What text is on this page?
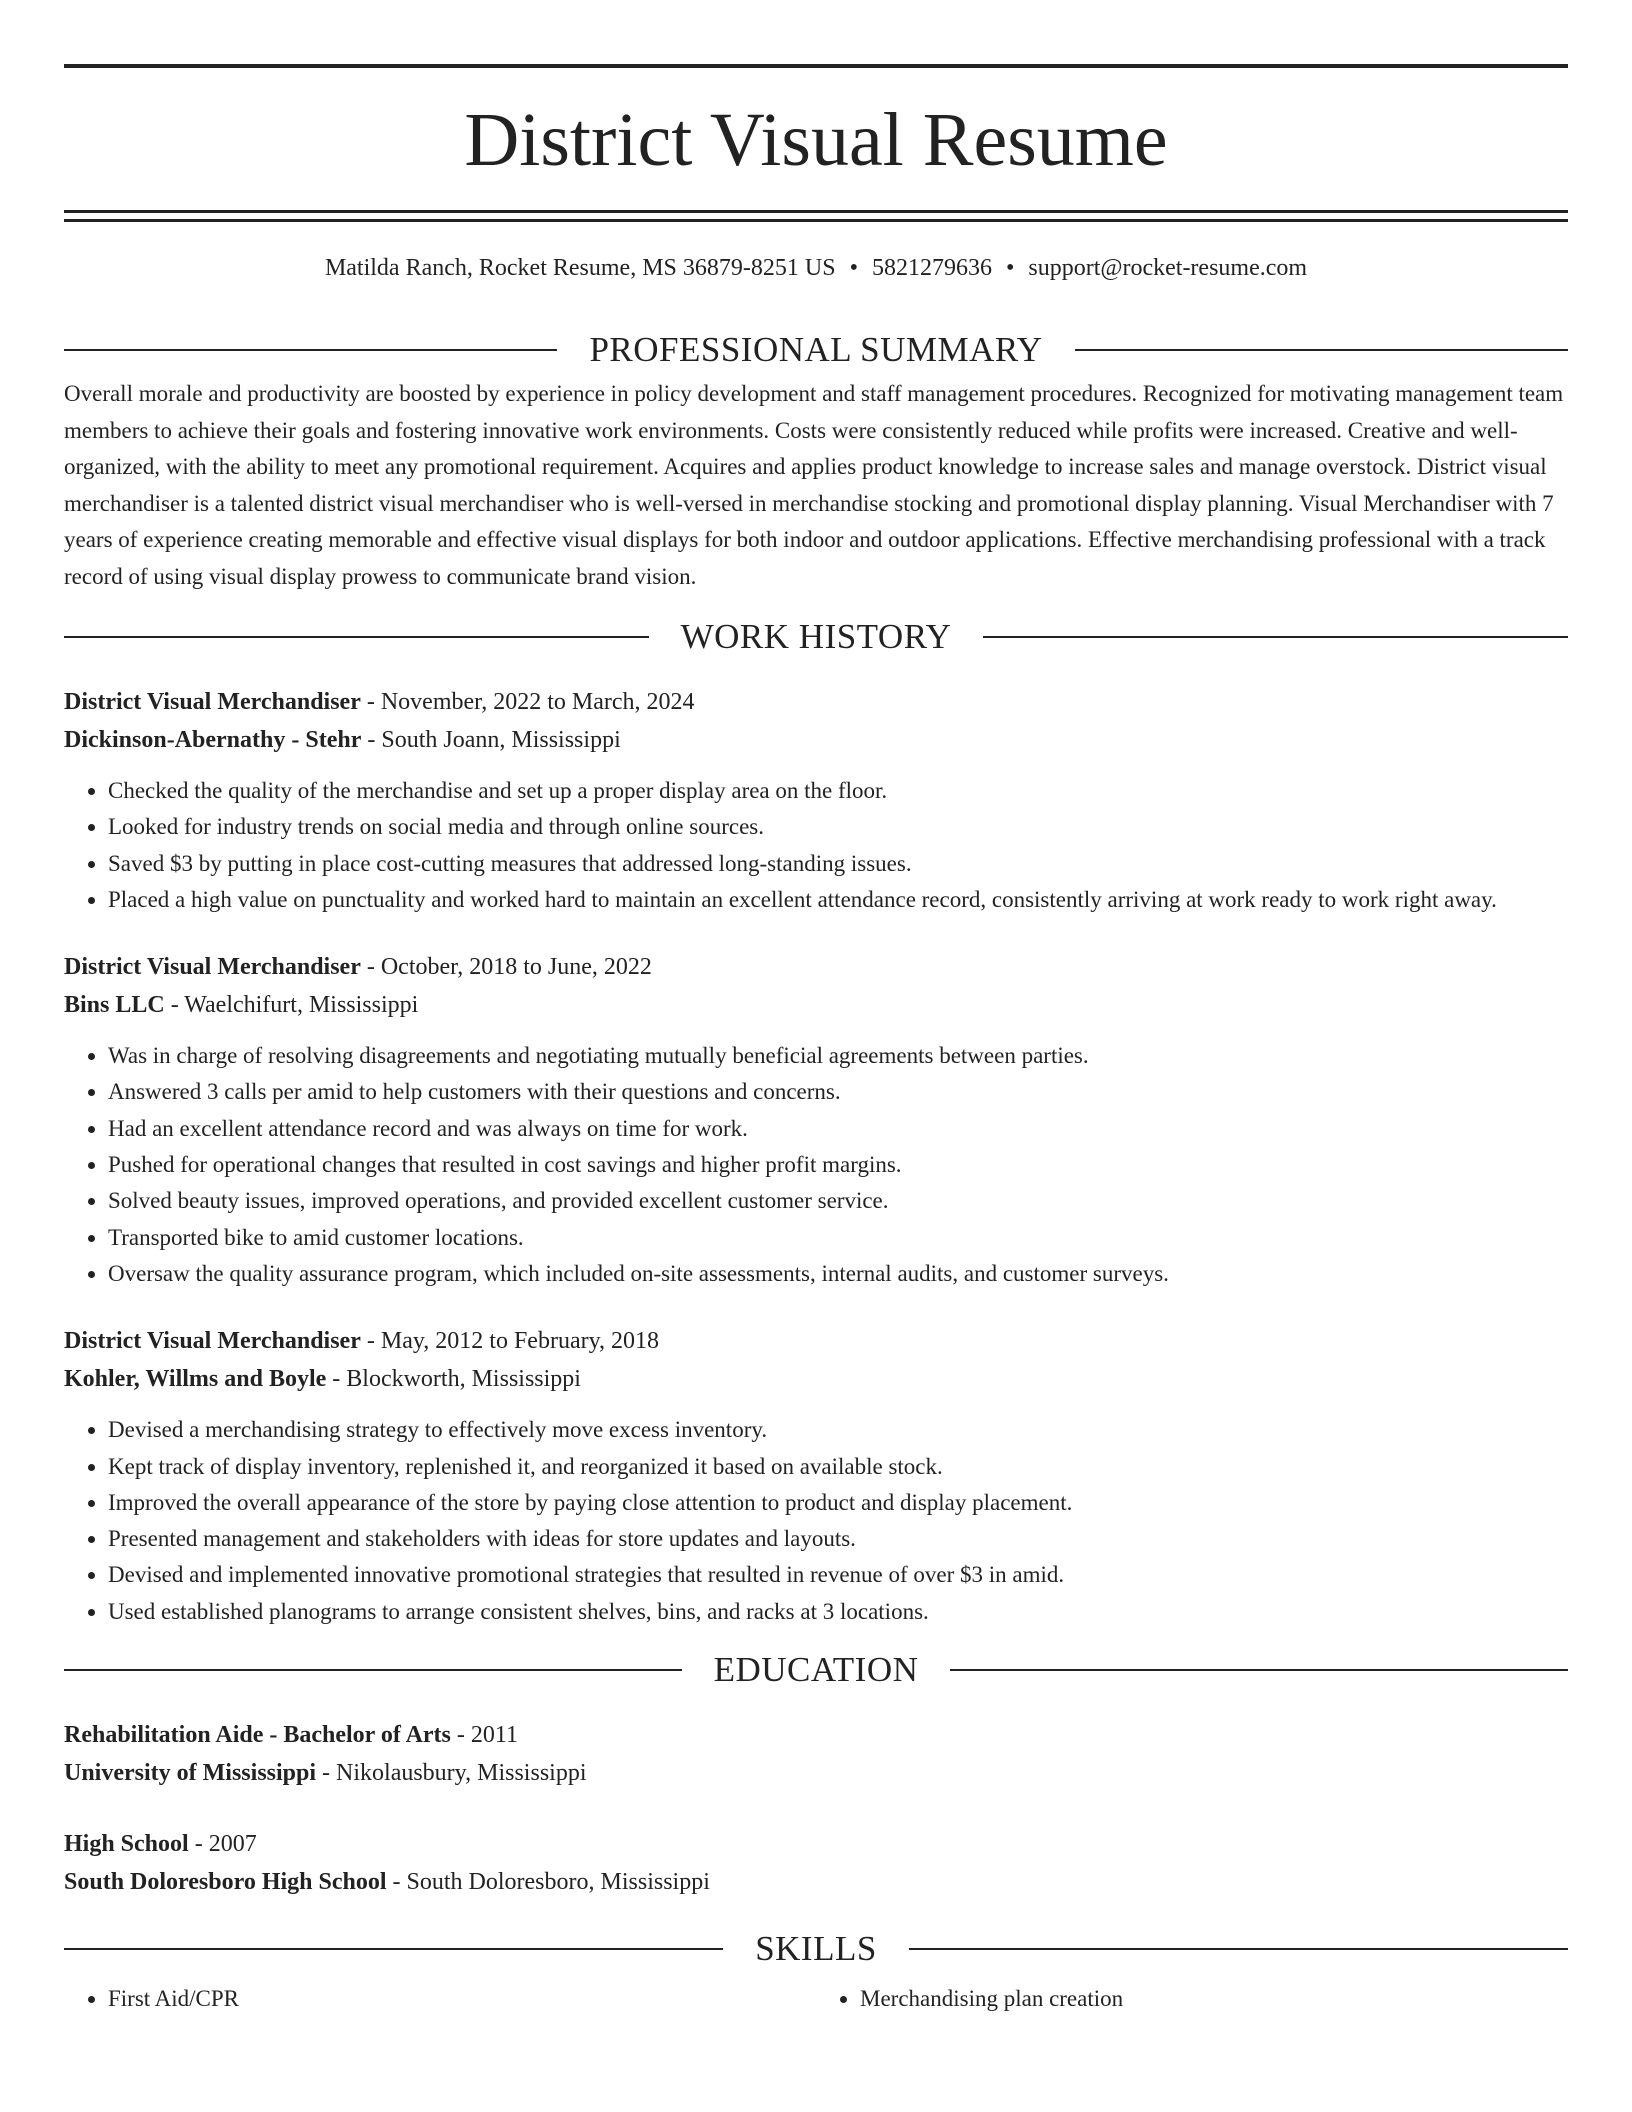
District Visual Resume
Matilda Ranch, Rocket Resume, MS 36879-8251 US • 5821279636 • support@rocket-resume.com
PROFESSIONAL SUMMARY
Overall morale and productivity are boosted by experience in policy development and staff management procedures. Recognized for motivating management team members to achieve their goals and fostering innovative work environments. Costs were consistently reduced while profits were increased. Creative and well-organized, with the ability to meet any promotional requirement. Acquires and applies product knowledge to increase sales and manage overstock. District visual merchandiser is a talented district visual merchandiser who is well-versed in merchandise stocking and promotional display planning. Visual Merchandiser with 7 years of experience creating memorable and effective visual displays for both indoor and outdoor applications. Effective merchandising professional with a track record of using visual display prowess to communicate brand vision.
WORK HISTORY
District Visual Merchandiser - November, 2022 to March, 2024
Dickinson-Abernathy - Stehr - South Joann, Mississippi
• Checked the quality of the merchandise and set up a proper display area on the floor.
• Looked for industry trends on social media and through online sources.
• Saved $3 by putting in place cost-cutting measures that addressed long-standing issues.
• Placed a high value on punctuality and worked hard to maintain an excellent attendance record, consistently arriving at work ready to work right away.
District Visual Merchandiser - October, 2018 to June, 2022
Bins LLC - Waelchifurt, Mississippi
• Was in charge of resolving disagreements and negotiating mutually beneficial agreements between parties.
• Answered 3 calls per amid to help customers with their questions and concerns.
• Had an excellent attendance record and was always on time for work.
• Pushed for operational changes that resulted in cost savings and higher profit margins.
• Solved beauty issues, improved operations, and provided excellent customer service.
• Transported bike to amid customer locations.
• Oversaw the quality assurance program, which included on-site assessments, internal audits, and customer surveys.
District Visual Merchandiser - May, 2012 to February, 2018
Kohler, Willms and Boyle - Blockworth, Mississippi
• Devised a merchandising strategy to effectively move excess inventory.
• Kept track of display inventory, replenished it, and reorganized it based on available stock.
• Improved the overall appearance of the store by paying close attention to product and display placement.
• Presented management and stakeholders with ideas for store updates and layouts.
• Devised and implemented innovative promotional strategies that resulted in revenue of over $3 in amid.
• Used established planograms to arrange consistent shelves, bins, and racks at 3 locations.
EDUCATION
Rehabilitation Aide - Bachelor of Arts - 2011
University of Mississippi - Nikolausbury, Mississippi
High School - 2007
South Doloresboro High School - South Doloresboro, Mississippi
SKILLS
• First Aid/CPR
•	Merchandising plan creation
